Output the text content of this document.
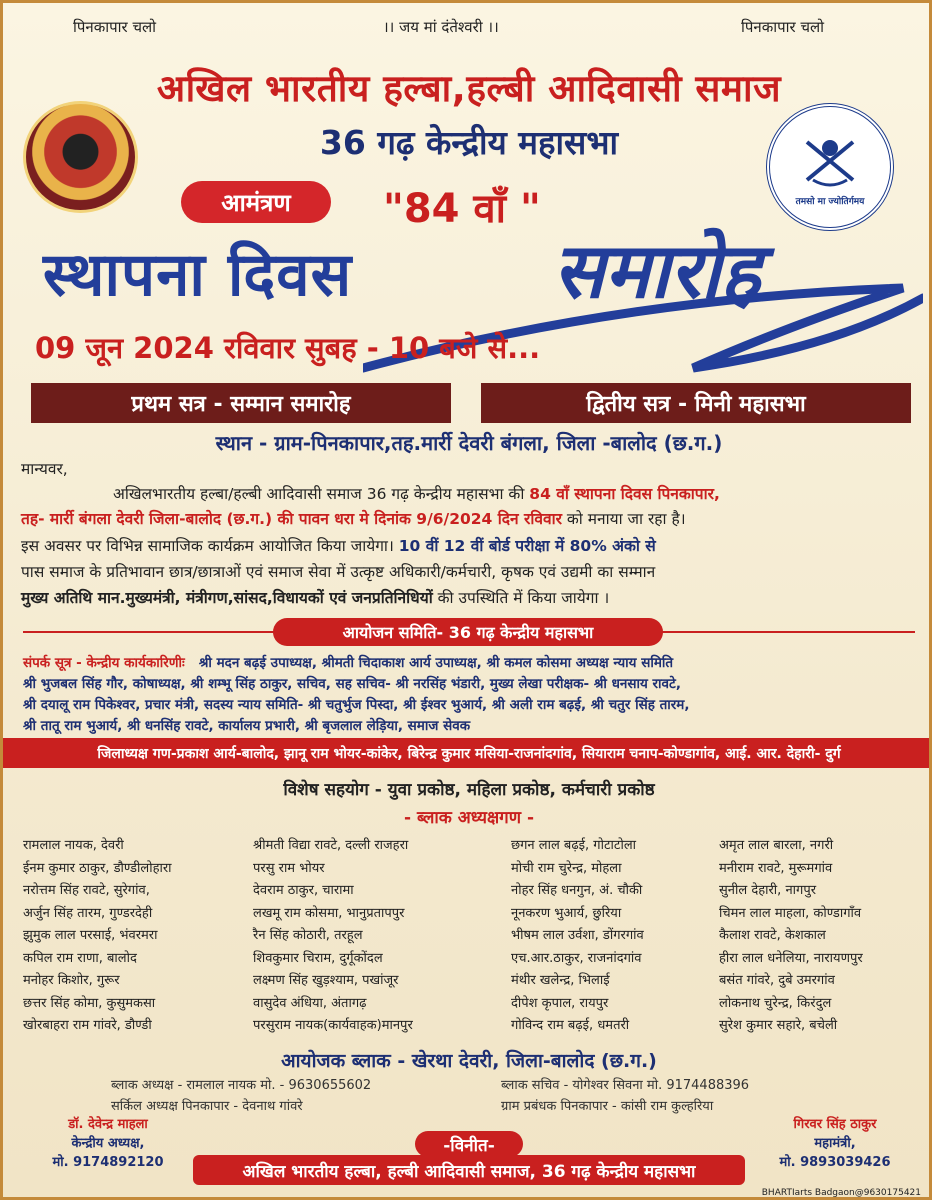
पिनकापार चलो	।। जय मां दंतेश्वरी ।।	पिनकापार चलो
अखिल भारतीय हल्बा,हल्बी आदिवासी समाज
36 गढ़ केन्द्रीय महासभा
तमसो मा ज्योतिर्गमय
आमंत्रण	"84 वाँ "
स्थापना दिवस	समारोह
09 जून 2024 रविवार सुबह - 10 बजे से...
प्रथम सत्र - सम्मान समारोह	द्वितीय सत्र - मिनी महासभा
स्थान - ग्राम-पिनकापार,तह.मार्री देवरी बंगला, जिला -बालोद (छ.ग.)
मान्यवर,
अखिलभारतीय हल्बा/हल्बी आदिवासी समाज 36 गढ़ केन्द्रीय महासभा की 84 वाँ स्थापना दिवस पिनकापार,
तह- मार्री बंगला देवरी जिला-बालोद (छ.ग.) की पावन धरा मे दिनांक 9/6/2024 दिन रविवार को मनाया जा रहा है।
इस अवसर पर विभिन्न सामाजिक कार्यक्रम आयोजित किया जायेगा। 10 वीं 12 वीं बोर्ड परीक्षा में 80% अंको से
पास समाज के प्रतिभावान छात्र/छात्राओं एवं समाज सेवा में उत्कृष्ट अधिकारी/कर्मचारी, कृषक एवं उद्यमी का सम्मान
मुख्य अतिथि मान.मुख्यमंत्री, मंत्रीगण,सांसद,विधायकों एवं जनप्रतिनिधियों की उपस्थिति में किया जायेगा ।
आयोजन समिति- 36 गढ़ केन्द्रीय महासभा
संपर्क सूत्र - केन्द्रीय कार्यकारिणीः श्री मदन बढ़ई उपाध्यक्ष, श्रीमती चिदाकाश आर्य उपाध्यक्ष, श्री कमल कोसमा अध्यक्ष न्याय समिति
श्री भुजबल सिंह गौर, कोषाध्यक्ष, श्री शम्भू सिंह ठाकुर, सचिव, सह सचिव- श्री नरसिंह भंडारी, मुख्य लेखा परीक्षक- श्री धनसाय रावटे,
श्री दयालू राम पिकेश्वर, प्रचार मंत्री, सदस्य न्याय समिति- श्री चतुर्भुज पिस्दा, श्री ईश्वर भुआर्य, श्री अली राम बढ़ई, श्री चतुर सिंह तारम,
श्री तातू राम भुआर्य, श्री धनसिंह रावटे, कार्यालय प्रभारी, श्री बृजलाल लेड़िया, समाज सेवक
जिलाध्यक्ष गण-प्रकाश आर्य-बालोद, झानू राम भोयर-कांकेर, बिरेन्द्र कुमार मसिया-राजनांदगांव, सियाराम चनाप-कोण्डागांव, आई. आर. देहारी- दुर्ग
विशेष सहयोग - युवा प्रकोष्ठ, महिला प्रकोष्ठ, कर्मचारी प्रकोष्ठ
- ब्लाक अध्यक्षगण -
रामलाल नायक, देवरी
ईनम कुमार ठाकुर, डौण्डीलोहारा
नरोत्तम सिंह रावटे, सुरेगांव,
अर्जुन सिंह तारम, गुण्डरदेही
झुमुक लाल परसाई, भंवरमरा
कपिल राम राणा, बालोद
मनोहर किशोर, गुरूर
छत्तर सिंह कोमा, कुसुमकसा
खोरबाहरा राम गांवरे, डौण्डी
श्रीमती विद्या रावटे, दल्ली राजहरा
परसु राम भोयर
देवराम ठाकुर, चारामा
लखमू राम कोसमा, भानुप्रतापपुर
रैन सिंह कोठारी, तरहूल
शिवकुमार चिराम, दुर्गूकोंदल
लक्ष्मण सिंह खुड़श्याम, पखांजूर
वासुदेव अंधिया, अंतागढ़
परसुराम नायक(कार्यवाहक)मानपुर
छगन लाल बढ़ई, गोटाटोला
मोची राम चुरेन्द्र, मोहला
नोहर सिंह धनगुन, अं. चौकी
नूनकरण भुआर्य, छुरिया
भीषम लाल उर्वशा, डोंगरगांव
एच.आर.ठाकुर, राजनांदगांव
मंथीर खलेन्द्र, भिलाई
दीपेश कृपाल, रायपुर
गोविन्द राम बढ़ई, धमतरी
अमृत लाल बारला, नगरी
मनीराम रावटे, मुरूमगांव
सुनील देहारी, नागपुर
चिमन लाल माहला, कोण्डागाँव
कैलाश रावटे, केशकाल
हीरा लाल धनेलिया, नारायणपुर
बसंत गांवरे, दुबे उमरगांव
लोकनाथ चुरेन्द्र, किरंदुल
सुरेश कुमार सहारे, बचेली
आयोजक ब्लाक - खेरथा देवरी, जिला-बालोद (छ.ग.)
ब्लाक अध्यक्ष - रामलाल नायक मो. - 9630655602	ब्लाक सचिव - योगेश्वर सिवना मो. 9174488396
सर्किल अध्यक्ष पिनकापार - देवनाथ गांवरे	ग्राम प्रबंधक पिनकापार - कांसी राम कुल्हरिया
डॉ. देवेन्द्र माहला
केन्द्रीय अध्यक्ष,
मो. 9174892120
गिरवर सिंह ठाकुर
महामंत्री,
मो. 9893039426
-विनीत-
अखिल भारतीय हल्बा, हल्बी आदिवासी समाज, 36 गढ़ केन्द्रीय महासभा
BHARTIarts Badgaon@9630175421
